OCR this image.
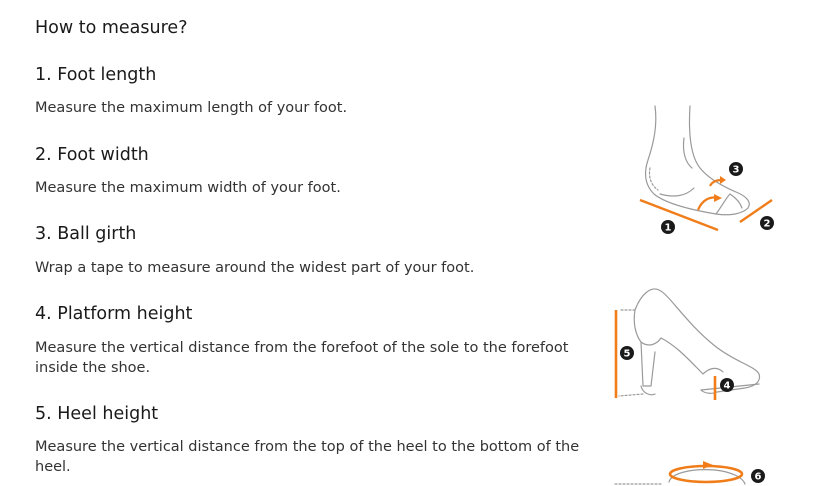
How to measure?
1. Foot length

Measure the maximum length of your foot.

2. Foot width

Measure the maximum width of your foot.

3. Ball girth

Wrap a tape to measure around the widest part of your foot.

4. Platform height

Measure the vertical distance from the forefoot of the sole to the forefoot inside the shoe.

5. Heel height

Measure the vertical distance from the top of the heel to the bottom of the heel.

1	2
3
4
5
6
